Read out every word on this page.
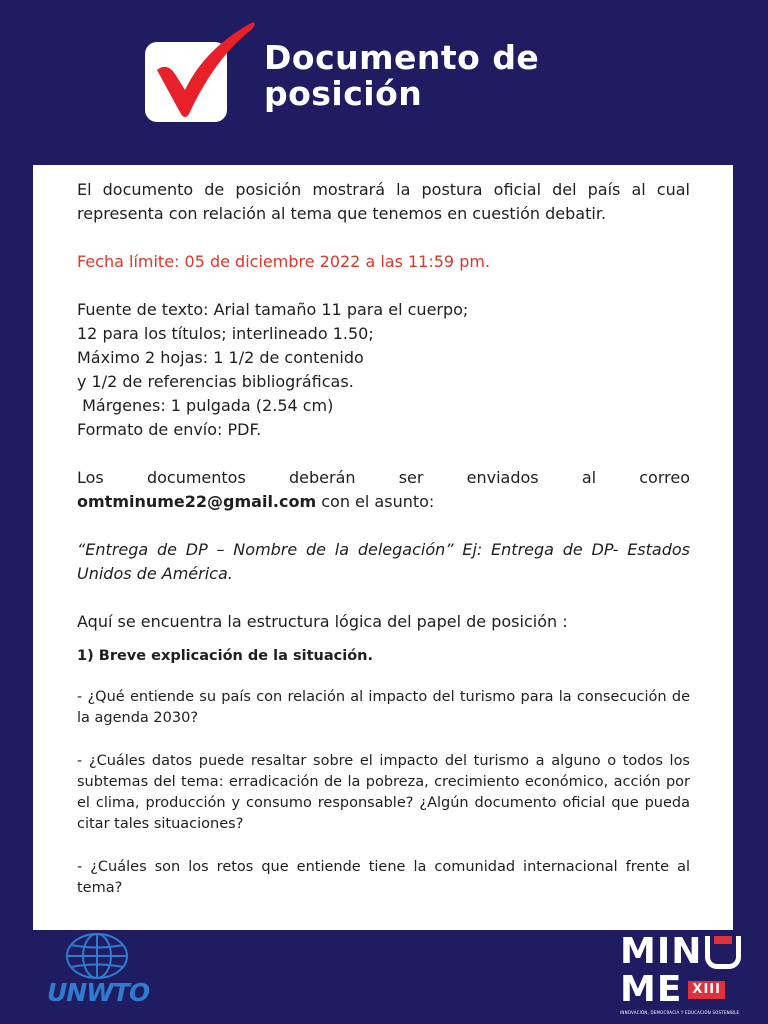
Documento de
posición

El documento de posición mostrará la postura oficial del país al cual representa con relación al tema que tenemos en cuestión debatir.

Fecha límite: 05 de diciembre 2022 a las 11:59 pm.

Fuente de texto: Arial tamaño 11 para el cuerpo;

12 para los títulos; interlineado 1.50;

Máximo 2 hojas: 1 1/2 de contenido

y 1/2 de referencias bibliográficas.

Márgenes: 1 pulgada (2.54 cm)

Formato de envío: PDF.

Los documentos deberán ser enviados al correo

omtminume22@gmail.com con el asunto:

“Entrega de DP – Nombre de la delegación” Ej: Entrega de DP- Estados Unidos de América.

Aquí se encuentra la estructura lógica del papel de posición :

1) Breve explicación de la situación.

- ¿Qué entiende su país con relación al impacto del turismo para la consecución de la agenda 2030?

- ¿Cuáles datos puede resaltar sobre el impacto del turismo a alguno o todos los subtemas del tema: erradicación de la pobreza, crecimiento económico, acción por el clima, producción y consumo responsable? ¿Algún documento oficial que pueda citar tales situaciones?

- ¿Cuáles son los retos que entiende tiene la comunidad internacional frente al tema?

UNWTO
MIN
ME XIII
INNOVACIÓN, DEMOCRACIA Y EDUCACIÓN SOSTENIBLE
